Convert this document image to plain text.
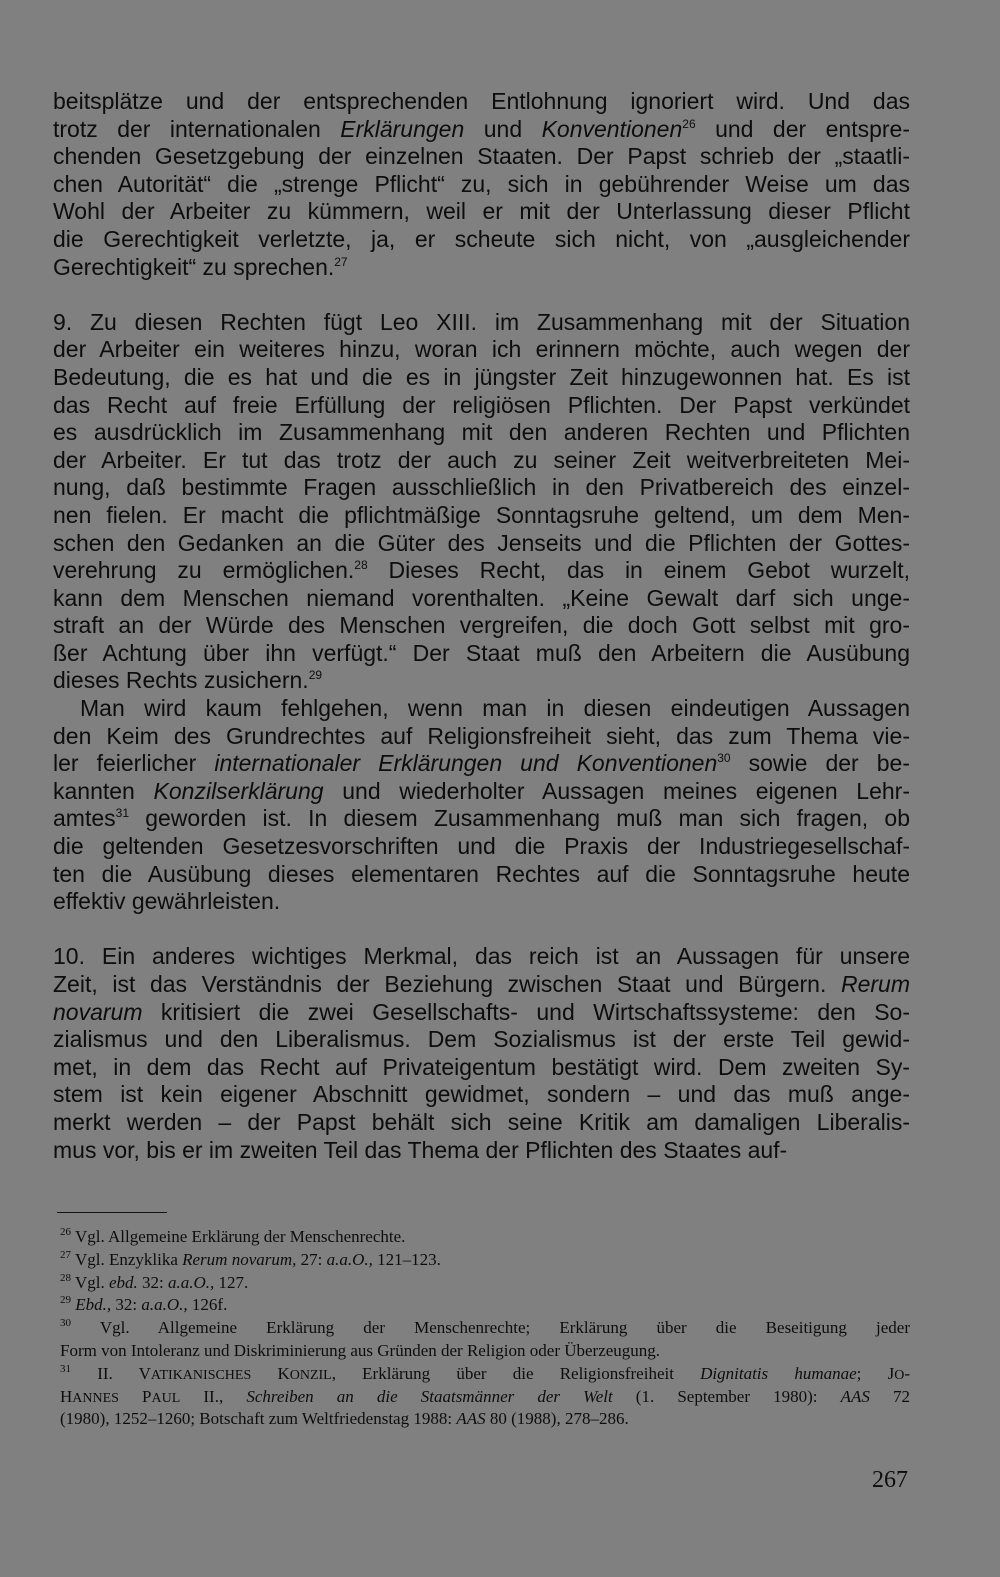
beitsplätze und der entsprechenden Entlohnung ignoriert wird. Und das
trotz der internationalen Erklärungen und Konventionen$^{26}$ und der entspre-
chenden Gesetzgebung der einzelnen Staaten. Der Papst schrieb der „staatli-
chen Autorität“ die „strenge Pflicht“ zu, sich in gebührender Weise um das
Wohl der Arbeiter zu kümmern, weil er mit der Unterlassung dieser Pflicht
die Gerechtigkeit verletzte, ja, er scheute sich nicht, von „ausgleichender
Gerechtigkeit“ zu sprechen.$^{27}$
9. Zu diesen Rechten fügt Leo XIII. im Zusammenhang mit der Situation
der Arbeiter ein weiteres hinzu, woran ich erinnern möchte, auch wegen der
Bedeutung, die es hat und die es in jüngster Zeit hinzugewonnen hat. Es ist
das Recht auf freie Erfüllung der religiösen Pflichten. Der Papst verkündet
es ausdrücklich im Zusammenhang mit den anderen Rechten und Pflichten
der Arbeiter. Er tut das trotz der auch zu seiner Zeit weitverbreiteten Mei-
nung, daß bestimmte Fragen ausschließlich in den Privatbereich des einzel-
nen fielen. Er macht die pflichtmäßige Sonntagsruhe geltend, um dem Men-
schen den Gedanken an die Güter des Jenseits und die Pflichten der Gottes-
verehrung zu ermöglichen.$^{28}$ Dieses Recht, das in einem Gebot wurzelt,
kann dem Menschen niemand vorenthalten. „Keine Gewalt darf sich unge-
straft an der Würde des Menschen vergreifen, die doch Gott selbst mit gro-
ßer Achtung über ihn verfügt.“ Der Staat muß den Arbeitern die Ausübung
dieses Rechts zusichern.$^{29}$
Man wird kaum fehlgehen, wenn man in diesen eindeutigen Aussagen
den Keim des Grundrechtes auf Religionsfreiheit sieht, das zum Thema vie-
ler feierlicher internationaler Erklärungen und Konventionen$^{30}$ sowie der be-
kannten Konzilserklärung und wiederholter Aussagen meines eigenen Lehr-
amtes$^{31}$ geworden ist. In diesem Zusammenhang muß man sich fragen, ob
die geltenden Gesetzesvorschriften und die Praxis der Industriegesellschaf-
ten die Ausübung dieses elementaren Rechtes auf die Sonntagsruhe heute
effektiv gewährleisten.
10. Ein anderes wichtiges Merkmal, das reich ist an Aussagen für unsere
Zeit, ist das Verständnis der Beziehung zwischen Staat und Bürgern. Rerum
novarum kritisiert die zwei Gesellschafts- und Wirtschaftssysteme: den So-
zialismus und den Liberalismus. Dem Sozialismus ist der erste Teil gewid-
met, in dem das Recht auf Privateigentum bestätigt wird. Dem zweiten Sy-
stem ist kein eigener Abschnitt gewidmet, sondern – und das muß ange-
merkt werden – der Papst behält sich seine Kritik am damaligen Liberalis-
mus vor, bis er im zweiten Teil das Thema der Pflichten des Staates auf-
$^{26}$ Vgl. Allgemeine Erklärung der Menschenrechte.
$^{27}$ Vgl. Enzyklika Rerum novarum, 27: a.a.O., 121–123.
$^{28}$ Vgl. ebd. 32: a.a.O., 127.
$^{29}$ Ebd., 32: a.a.O., 126f.
$^{30}$ Vgl. Allgemeine Erklärung der Menschenrechte; Erklärung über die Beseitigung jeder
Form von Intoleranz und Diskriminierung aus Gründen der Religion oder Überzeugung.
$^{31}$ II. VATIKANISCHES KONZIL, Erklärung über die Religionsfreiheit Dignitatis humanae; JO-
HANNES PAUL II., Schreiben an die Staatsmänner der Welt (1. September 1980): AAS 72
(1980), 1252–1260; Botschaft zum Weltfriedenstag 1988: AAS 80 (1988), 278–286.
267
